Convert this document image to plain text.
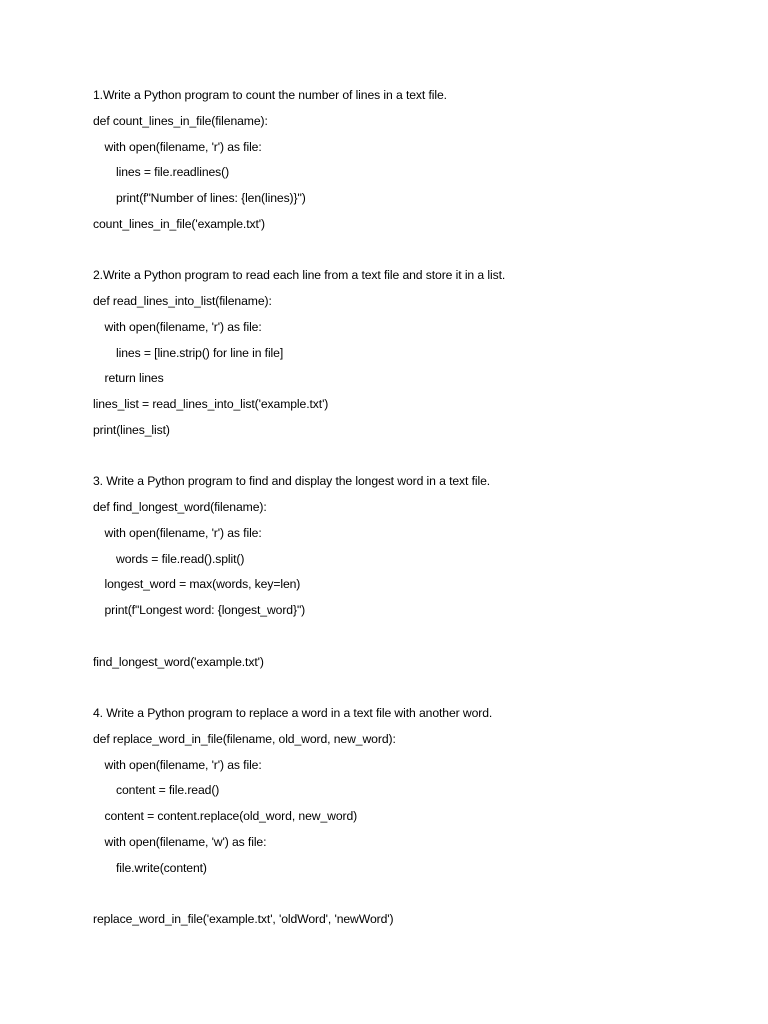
1.Write a Python program to count the number of lines in a text file.
def count_lines_in_file(filename):
with open(filename, 'r') as file:
lines = file.readlines()
print(f"Number of lines: {len(lines)}")
count_lines_in_file('example.txt')
2.Write a Python program to read each line from a text file and store it in a list.
def read_lines_into_list(filename):
with open(filename, 'r') as file:
lines = [line.strip() for line in file]
return lines
lines_list = read_lines_into_list('example.txt')
print(lines_list)
3. Write a Python program to find and display the longest word in a text file.
def find_longest_word(filename):
with open(filename, 'r') as file:
words = file.read().split()
longest_word = max(words, key=len)
print(f"Longest word: {longest_word}")
find_longest_word('example.txt')
4. Write a Python program to replace a word in a text file with another word.
def replace_word_in_file(filename, old_word, new_word):
with open(filename, 'r') as file:
content = file.read()
content = content.replace(old_word, new_word)
with open(filename, 'w') as file:
file.write(content)
replace_word_in_file('example.txt', 'oldWord', 'newWord')
